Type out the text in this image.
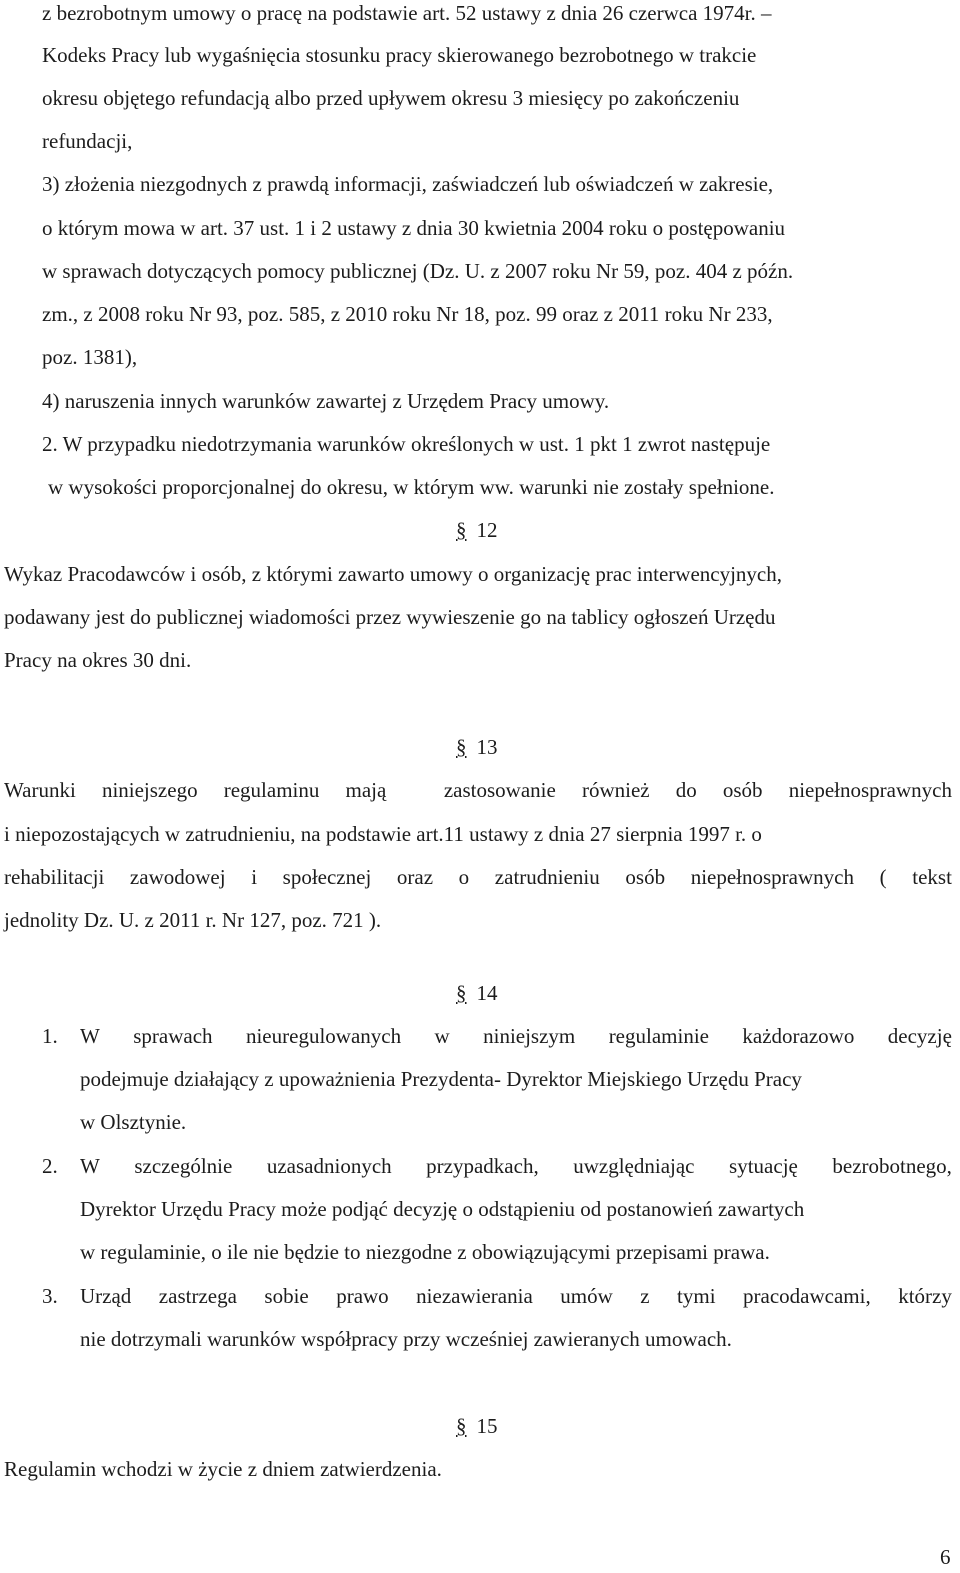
z bezrobotnym umowy o pracę na podstawie art. 52 ustawy z dnia 26 czerwca 1974r. –
Kodeks Pracy lub wygaśnięcia stosunku pracy skierowanego bezrobotnego w trakcie
okresu objętego refundacją albo przed upływem okresu 3 miesięcy po zakończeniu
refundacji,
3) złożenia niezgodnych z prawdą informacji, zaświadczeń lub oświadczeń w zakresie,
o którym mowa w art. 37 ust. 1 i 2 ustawy z dnia 30 kwietnia 2004 roku o postępowaniu
w sprawach dotyczących pomocy publicznej (Dz. U. z 2007 roku Nr 59, poz. 404 z późn.
zm., z 2008 roku Nr 93, poz. 585, z 2010 roku Nr 18, poz. 99 oraz z 2011 roku Nr 233,
poz. 1381),
4) naruszenia innych warunków zawartej z Urzędem Pracy umowy.
2. W przypadku niedotrzymania warunków określonych w ust. 1 pkt 1 zwrot następuje
w wysokości proporcjonalnej do okresu, w którym ww. warunki nie zostały spełnione.
§ 12
Wykaz Pracodawców i osób, z którymi zawarto umowy o organizację prac interwencyjnych,
podawany jest do publicznej wiadomości przez wywieszenie go na tablicy ogłoszeń Urzędu
Pracy na okres 30 dni.
§ 13
Warunki niniejszego regulaminu mają
	zastosowanie również do osób niepełnosprawnych
i niepozostających w zatrudnieniu, na podstawie art.11 ustawy z dnia 27 sierpnia 1997 r. o
rehabilitacji zawodowej i społecznej oraz o zatrudnieniu osób niepełnosprawnych ( tekst
jednolity Dz. U. z 2011 r. Nr 127, poz. 721 ).
§ 14
1. W sprawach nieuregulowanych w niniejszym regulaminie każdorazowo decyzję
podejmuje działający z upoważnienia Prezydenta- Dyrektor Miejskiego Urzędu Pracy
w Olsztynie.
2. W szczególnie uzasadnionych przypadkach, uwzględniając sytuację bezrobotnego,
Dyrektor Urzędu Pracy może podjąć decyzję o odstąpieniu od postanowień zawartych
w regulaminie, o ile nie będzie to niezgodne z obowiązującymi przepisami prawa.
3. Urząd zastrzega sobie prawo niezawierania umów z tymi pracodawcami, którzy
nie dotrzymali warunków współpracy przy wcześniej zawieranych umowach.
§ 15
Regulamin wchodzi w życie z dniem zatwierdzenia.
6
